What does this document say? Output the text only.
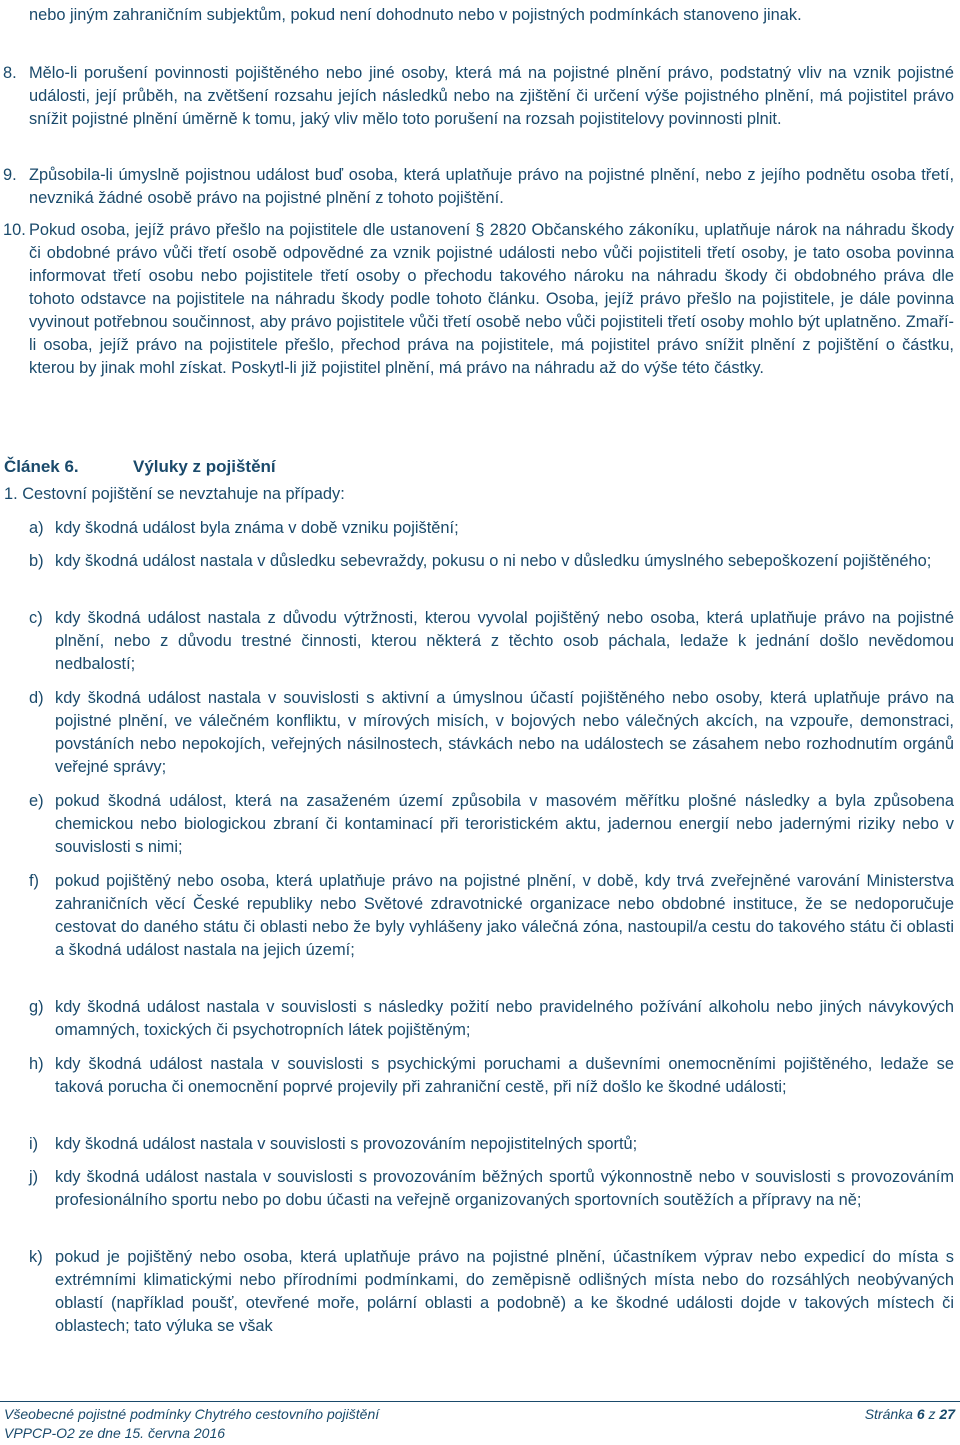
nebo jiným zahraničním subjektům, pokud není dohodnuto nebo v pojistných podmínkách stanoveno jinak.
8. Mělo-li porušení povinnosti pojištěného nebo jiné osoby, která má na pojistné plnění právo, podstatný vliv na vznik pojistné události, její průběh, na zvětšení rozsahu jejích následků nebo na zjištění či určení výše pojistného plnění, má pojistitel právo snížit pojistné plnění úměrně k tomu, jaký vliv mělo toto porušení na rozsah pojistitelovy povinnosti plnit.
9. Způsobila-li úmyslně pojistnou událost buď osoba, která uplatňuje právo na pojistné plnění, nebo z jejího podnětu osoba třetí, nevzniká žádné osobě právo na pojistné plnění z tohoto pojištění.
10. Pokud osoba, jejíž právo přešlo na pojistitele dle ustanovení § 2820 Občanského zákoníku, uplatňuje nárok na náhradu škody či obdobné právo vůči třetí osobě odpovědné za vznik pojistné události nebo vůči pojistiteli třetí osoby, je tato osoba povinna informovat třetí osobu nebo pojistitele třetí osoby o přechodu takového nároku na náhradu škody či obdobného práva dle tohoto odstavce na pojistitele na náhradu škody podle tohoto článku. Osoba, jejíž právo přešlo na pojistitele, je dále povinna vyvinout potřebnou součinnost, aby právo pojistitele vůči třetí osobě nebo vůči pojistiteli třetí osoby mohlo být uplatněno. Zmaří-li osoba, jejíž právo na pojistitele přešlo, přechod práva na pojistitele, má pojistitel právo snížit plnění z pojištění o částku, kterou by jinak mohl získat. Poskytl-li již pojistitel plnění, má právo na náhradu až do výše této částky.
Článek 6.	Výluky z pojištění
1. Cestovní pojištění se nevztahuje na případy:
a) kdy škodná událost byla známa v době vzniku pojištění;
b) kdy škodná událost nastala v důsledku sebevraždy, pokusu o ni nebo v důsledku úmyslného sebepoškození pojištěného;
c) kdy škodná událost nastala z důvodu výtržnosti, kterou vyvolal pojištěný nebo osoba, která uplatňuje právo na pojistné plnění, nebo z důvodu trestné činnosti, kterou některá z těchto osob páchala, ledaže k jednání došlo nevědomou nedbalostí;
d) kdy škodná událost nastala v souvislosti s aktivní a úmyslnou účastí pojištěného nebo osoby, která uplatňuje právo na pojistné plnění, ve válečném konfliktu, v mírových misích, v bojových nebo válečných akcích, na vzpouře, demonstraci, povstáních nebo nepokojích, veřejných násilnostech, stávkách nebo na událostech se zásahem nebo rozhodnutím orgánů veřejné správy;
e) pokud škodná událost, která na zasaženém území způsobila v masovém měřítku plošné následky a byla způsobena chemickou nebo biologickou zbraní či kontaminací při teroristickém aktu, jadernou energií nebo jadernými riziky nebo v souvislosti s nimi;
f) pokud pojištěný nebo osoba, která uplatňuje právo na pojistné plnění, v době, kdy trvá zveřejněné varování Ministerstva zahraničních věcí České republiky nebo Světové zdravotnické organizace nebo obdobné instituce, že se nedoporučuje cestovat do daného státu či oblasti nebo že byly vyhlášeny jako válečná zóna, nastoupil/a cestu do takového státu či oblasti a škodná událost nastala na jejich území;
g) kdy škodná událost nastala v souvislosti s následky požití nebo pravidelného požívání alkoholu nebo jiných návykových omamných, toxických či psychotropních látek pojištěným;
h) kdy škodná událost nastala v souvislosti s psychickými poruchami a duševními onemocněními pojištěného, ledaže se taková porucha či onemocnění poprvé projevily při zahraniční cestě, při níž došlo ke škodné události;
i) kdy škodná událost nastala v souvislosti s provozováním nepojistitelných sportů;
j) kdy škodná událost nastala v souvislosti s provozováním běžných sportů výkonnostně nebo v souvislosti s provozováním profesionálního sportu nebo po dobu účasti na veřejně organizovaných sportovních soutěžích a přípravy na ně;
k) pokud je pojištěný nebo osoba, která uplatňuje právo na pojistné plnění, účastníkem výprav nebo expedicí do místa s extrémními klimatickými nebo přírodními podmínkami, do zeměpisně odlišných místa nebo do rozsáhlých neobývaných oblastí (například poušť, otevřené moře, polární oblasti a podobně) a ke škodné události dojde v takových místech či oblastech; tato výluka se však
Všeobecné pojistné podmínky Chytrého cestovního pojištění
VPPCP-O2 ze dne 15. června 2016
Stránka 6 z 27
